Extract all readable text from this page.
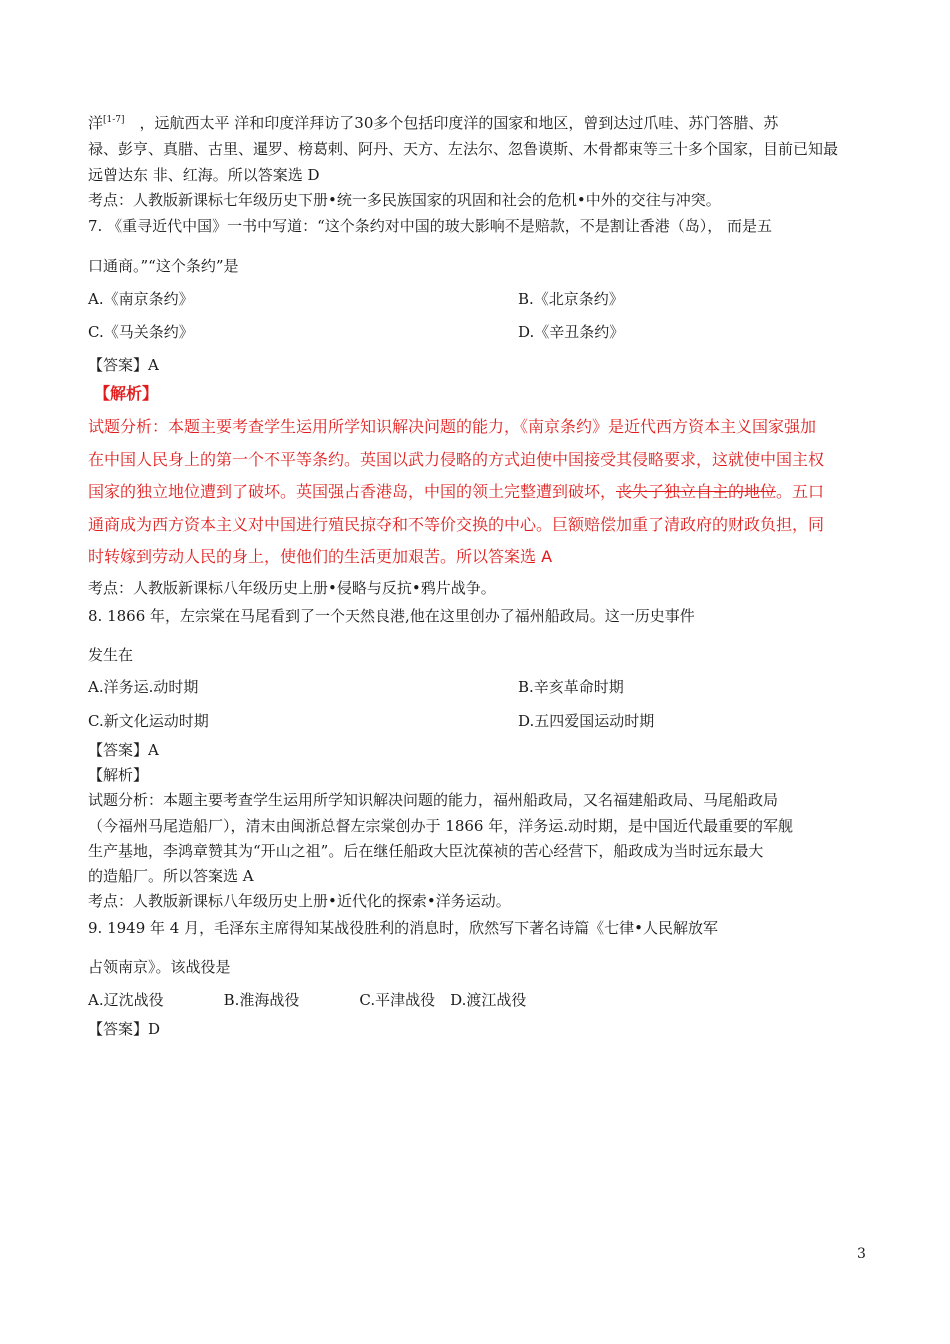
洋[1-7]　，远航西太平 洋和印度洋拜访了30多个包括印度洋的国家和地区，曾到达过爪哇、苏门答腊、苏
禄、彭亨、真腊、古里、暹罗、榜葛剌、阿丹、天方、左法尔、忽鲁谟斯、木骨都束等三十多个国家，目前已知最
远曾达东 非、红海。所以答案选 D
考点：人教版新课标七年级历史下册•统一多民族国家的巩固和社会的危机•中外的交往与冲突。
7. 《重寻近代中国》一书中写道：“这个条约对中国的玻大影响不是赔款，不是割让香港（岛）， 而是五
口通商。”“这个条约”是
A.《南京条约》	B.《北京条约》
C.《马关条约》	D.《辛丑条约》
【答案】A
【解析】
试题分析：本题主要考查学生运用所学知识解决问题的能力，《南京条约》是近代西方资本主义国家强加
在中国人民身上的第一个不平等条约。英国以武力侵略的方式迫使中国接受其侵略要求，这就使中国主权
国家的独立地位遭到了破坏。英国强占香港岛，中国的领土完整遭到破坏，丧失了独立自主的地位。五口
通商成为西方资本主义对中国进行殖民掠夺和不等价交换的中心。巨额赔偿加重了清政府的财政负担，同
时转嫁到劳动人民的身上，使他们的生活更加艰苦。所以答案选 A
考点：人教版新课标八年级历史上册•侵略与反抗•鸦片战争。
8. 1866 年，左宗棠在马尾看到了一个天然良港,他在这里创办了福州船政局。这一历史事件
发生在
A.洋务运.动时期	B.辛亥革命时期
C.新文化运动时期	D.五四爱国运动时期
【答案】A
【解析】
试题分析：本题主要考查学生运用所学知识解决问题的能力，福州船政局，又名福建船政局、马尾船政局
（今福州马尾造船厂），清末由闽浙总督左宗棠创办于 1866 年，洋务运.动时期，是中国近代最重要的军舰
生产基地，李鸿章赞其为“开山之祖”。后在继任船政大臣沈葆祯的苦心经营下，船政成为当时远东最大
的造船厂。所以答案选 A
考点：人教版新课标八年级历史上册•近代化的探索•洋务运动。
9. 1949 年 4 月，毛泽东主席得知某战役胜利的消息时，欣然写下著名诗篇《七律•人民解放军
占领南京》。该战役是
A.辽沈战役　　　　B.淮海战役　　　　C.平津战役　D.渡江战役
【答案】D
3
